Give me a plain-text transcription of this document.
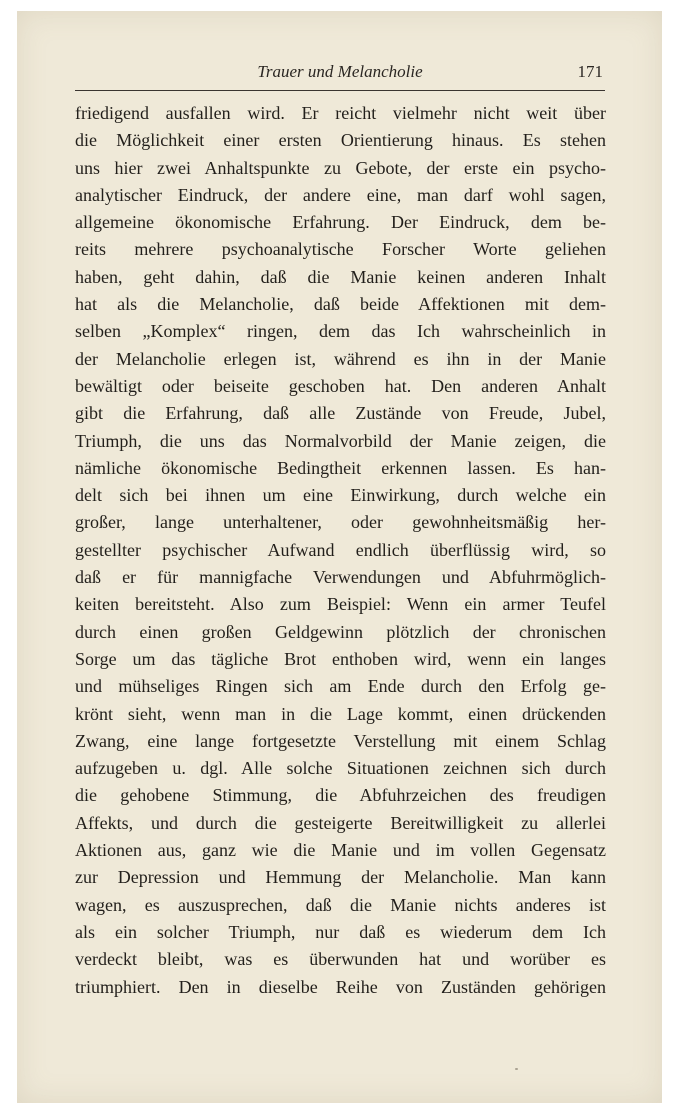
Trauer und Melancholie	171
friedigend ausfallen wird. Er reicht vielmehr nicht weit über
die Möglichkeit einer ersten Orientierung hinaus. Es stehen
uns hier zwei Anhaltspunkte zu Gebote, der erste ein psycho-
analytischer Eindruck, der andere eine, man darf wohl sagen,
allgemeine ökonomische Erfahrung. Der Eindruck, dem be-
reits mehrere psychoanalytische Forscher Worte geliehen
haben, geht dahin, daß die Manie keinen anderen Inhalt
hat als die Melancholie, daß beide Affektionen mit dem-
selben „Komplex“ ringen, dem das Ich wahrscheinlich in
der Melancholie erlegen ist, während es ihn in der Manie
bewältigt oder beiseite geschoben hat. Den anderen Anhalt
gibt die Erfahrung, daß alle Zustände von Freude, Jubel,
Triumph, die uns das Normalvorbild der Manie zeigen, die
nämliche ökonomische Bedingtheit erkennen lassen. Es han-
delt sich bei ihnen um eine Einwirkung, durch welche ein
großer, lange unterhaltener, oder gewohnheitsmäßig her-
gestellter psychischer Aufwand endlich überflüssig wird, so
daß er für mannigfache Verwendungen und Abfuhrmöglich-
keiten bereitsteht. Also zum Beispiel: Wenn ein armer Teufel
durch einen großen Geldgewinn plötzlich der chronischen
Sorge um das tägliche Brot enthoben wird, wenn ein langes
und mühseliges Ringen sich am Ende durch den Erfolg ge-
krönt sieht, wenn man in die Lage kommt, einen drückenden
Zwang, eine lange fortgesetzte Verstellung mit einem Schlag
aufzugeben u. dgl. Alle solche Situationen zeichnen sich durch
die gehobene Stimmung, die Abfuhrzeichen des freudigen
Affekts, und durch die gesteigerte Bereitwilligkeit zu allerlei
Aktionen aus, ganz wie die Manie und im vollen Gegensatz
zur Depression und Hemmung der Melancholie. Man kann
wagen, es auszusprechen, daß die Manie nichts anderes ist
als ein solcher Triumph, nur daß es wiederum dem Ich
verdeckt bleibt, was es überwunden hat und worüber es
triumphiert. Den in dieselbe Reihe von Zuständen gehörigen
